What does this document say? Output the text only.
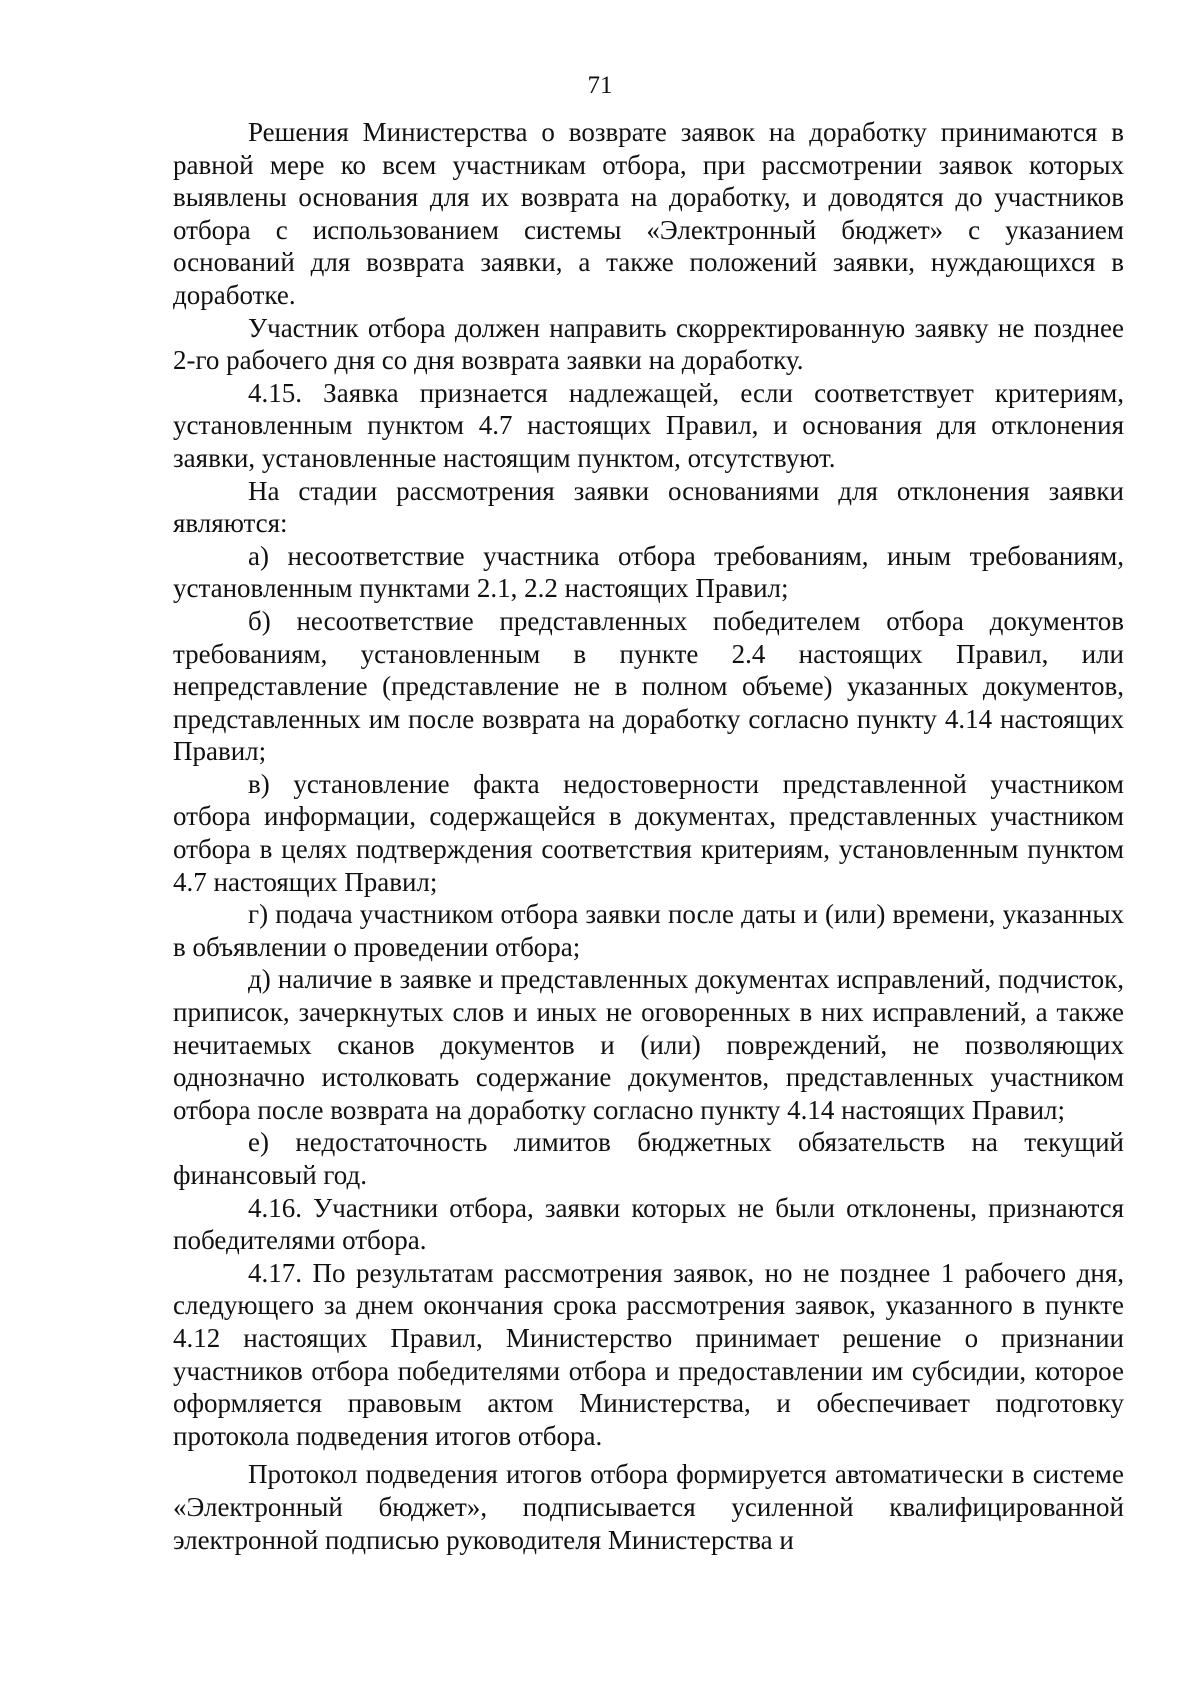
71

Решения Министерства о возврате заявок на доработку принимаются в равной мере ко всем участникам отбора, при рассмотрении заявок которых выявлены основания для их возврата на доработку, и доводятся до участников отбора с использованием системы «Электронный бюджет» с указанием оснований для возврата заявки, а также положений заявки, нуждающихся в доработке.

Участник отбора должен направить скорректированную заявку не позднее 2-го рабочего дня со дня возврата заявки на доработку.

4.15. Заявка признается надлежащей, если соответствует критериям, установленным пунктом 4.7 настоящих Правил, и основания для отклонения заявки, установленные настоящим пунктом, отсутствуют.

На стадии рассмотрения заявки основаниями для отклонения заявки являются:

а) несоответствие участника отбора требованиям, иным требованиям, установленным пунктами 2.1, 2.2 настоящих Правил;

б) несоответствие представленных победителем отбора документов требованиям, установленным в пункте 2.4 настоящих Правил, или непредставление (представление не в полном объеме) указанных документов, представленных им после возврата на доработку согласно пункту 4.14 настоящих Правил;

в) установление факта недостоверности представленной участником отбора информации, содержащейся в документах, представленных участником отбора в целях подтверждения соответствия критериям, установленным пунктом 4.7 настоящих Правил;

г) подача участником отбора заявки после даты и (или) времени, указанных в объявлении о проведении отбора;

д) наличие в заявке и представленных документах исправлений, подчисток, приписок, зачеркнутых слов и иных не оговоренных в них исправлений, а также нечитаемых сканов документов и (или) повреждений, не позволяющих однозначно истолковать содержание документов, представленных участником отбора после возврата на доработку согласно пункту 4.14 настоящих Правил;

е) недостаточность лимитов бюджетных обязательств на текущий финансовый год.

4.16. Участники отбора, заявки которых не были отклонены, признаются победителями отбора.

4.17. По результатам рассмотрения заявок, но не позднее 1 рабочего дня, следующего за днем окончания срока рассмотрения заявок, указанного в пункте 4.12 настоящих Правил, Министерство принимает решение о признании участников отбора победителями отбора и предоставлении им субсидии, которое оформляется правовым актом Министерства, и обеспечивает подготовку протокола подведения итогов отбора.

Протокол подведения итогов отбора формируется автоматически в системе «Электронный бюджет», подписывается усиленной квалифицированной электронной подписью руководителя Министерства и
